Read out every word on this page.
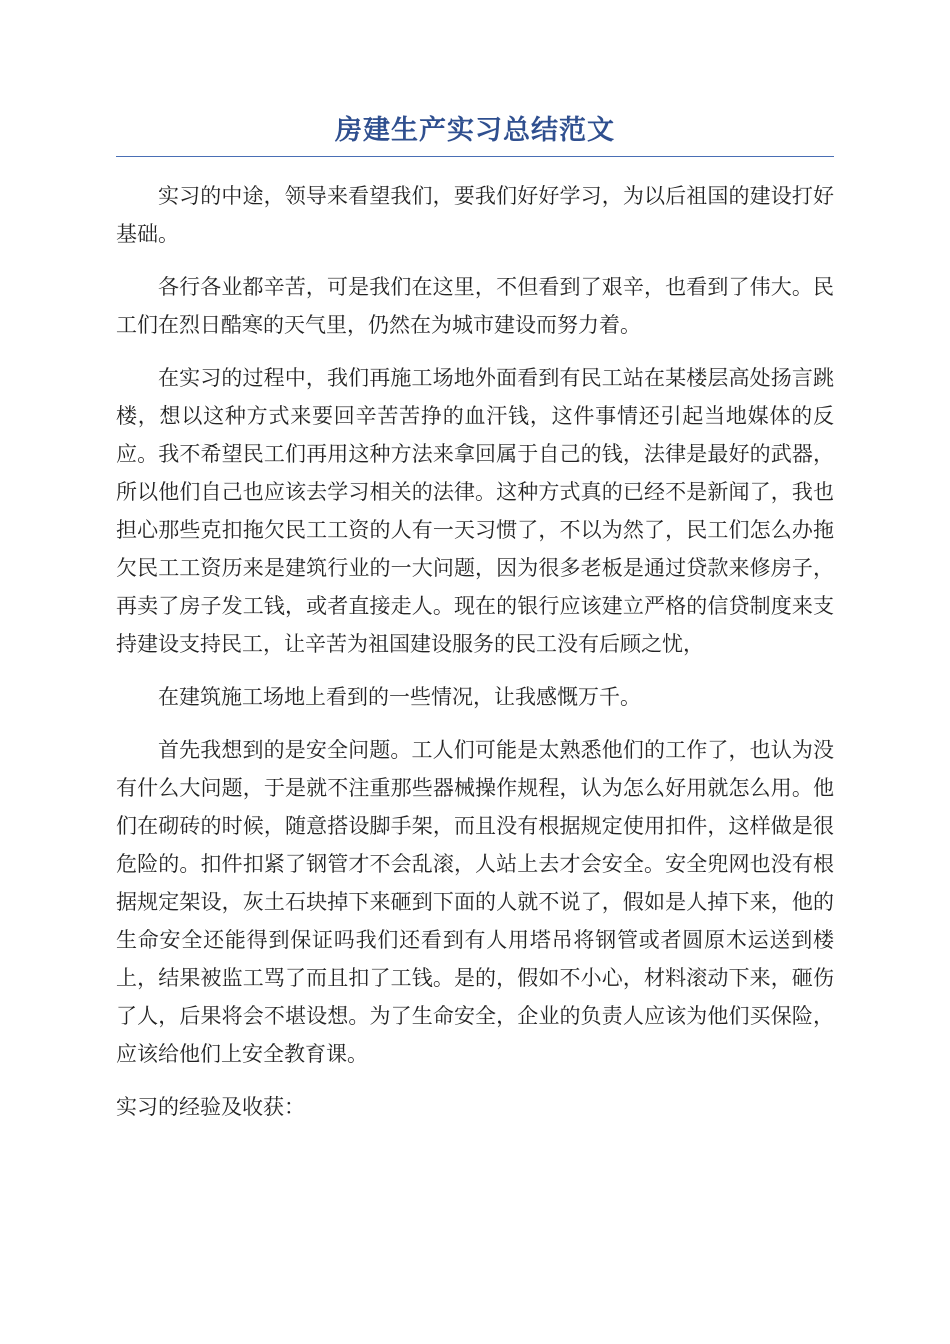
房建生产实习总结范文

实习的中途，领导来看望我们，要我们好好学习，为以后祖国的建设打好基础。

各行各业都辛苦，可是我们在这里，不但看到了艰辛，也看到了伟大。民工们在烈日酷寒的天气里，仍然在为城市建设而努力着。

在实习的过程中，我们再施工场地外面看到有民工站在某楼层高处扬言跳楼，想以这种方式来要回辛苦苦挣的血汗钱，这件事情还引起当地媒体的反应。我不希望民工们再用这种方法来拿回属于自己的钱，法律是最好的武器，所以他们自己也应该去学习相关的法律。这种方式真的已经不是新闻了，我也担心那些克扣拖欠民工工资的人有一天习惯了，不以为然了，民工们怎么办拖欠民工工资历来是建筑行业的一大问题，因为很多老板是通过贷款来修房子，再卖了房子发工钱，或者直接走人。现在的银行应该建立严格的信贷制度来支持建设支持民工，让辛苦为祖国建设服务的民工没有后顾之忧，

在建筑施工场地上看到的一些情况，让我感慨万千。

首先我想到的是安全问题。工人们可能是太熟悉他们的工作了，也认为没有什么大问题，于是就不注重那些器械操作规程，认为怎么好用就怎么用。他们在砌砖的时候，随意搭设脚手架，而且没有根据规定使用扣件，这样做是很危险的。扣件扣紧了钢管才不会乱滚，人站上去才会安全。安全兜网也没有根据规定架设，灰土石块掉下来砸到下面的人就不说了，假如是人掉下来，他的生命安全还能得到保证吗我们还看到有人用塔吊将钢管或者圆原木运送到楼上，结果被监工骂了而且扣了工钱。是的，假如不小心，材料滚动下来，砸伤了人，后果将会不堪设想。为了生命安全，企业的负责人应该为他们买保险，应该给他们上安全教育课。

实习的经验及收获：
